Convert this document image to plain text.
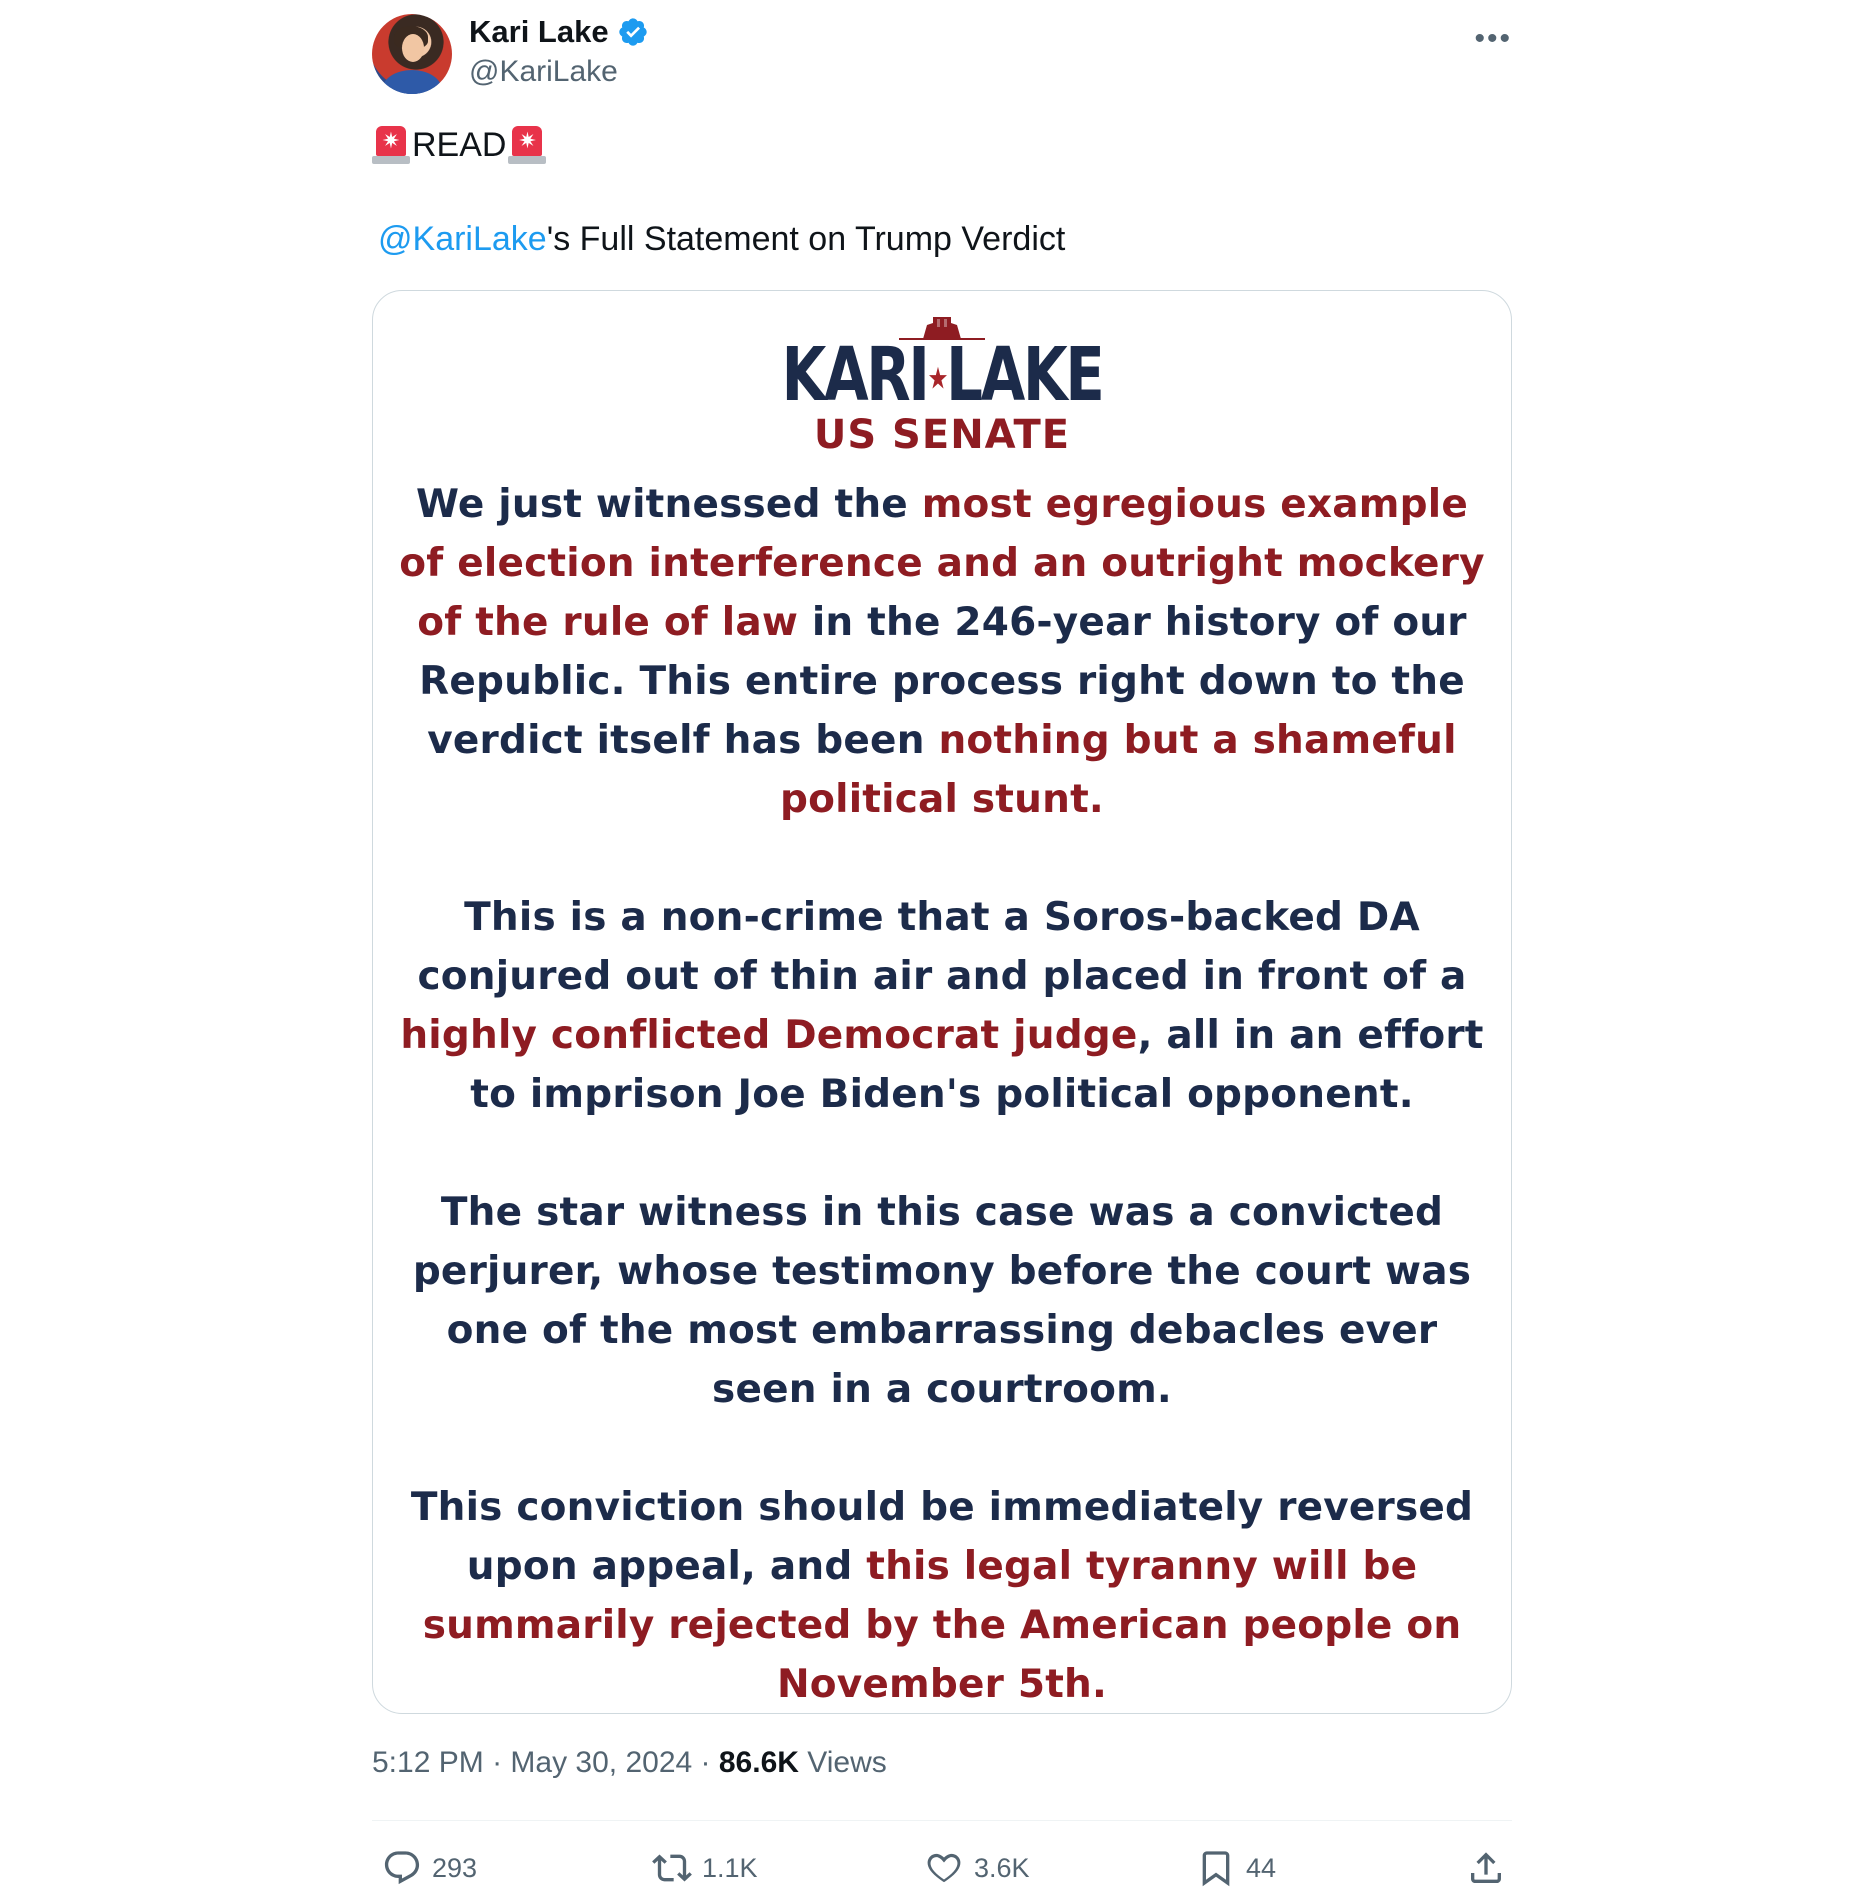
Kari Lake
@KariLake
•••
✷ READ ✷
@KariLake's Full Statement on Trump Verdict
KARI★LAKE
US SENATE

We just witnessed the most egregious example of election interference and an outright mockery of the rule of law in the 246-year history of our Republic. This entire process right down to the verdict itself has been nothing but a shameful political stunt.

This is a non-crime that a Soros-backed DA conjured out of thin air and placed in front of a highly conflicted Democrat judge, all in an effort to imprison Joe Biden's political opponent.

The star witness in this case was a convicted perjurer, whose testimony before the court was one of the most embarrassing debacles ever seen in a courtroom.

This conviction should be immediately reversed upon appeal, and this legal tyranny will be summarily rejected by the American people on November 5th.

5:12 PM · May 30, 2024 · 86.6K Views
293	1.1K	3.6K	44
